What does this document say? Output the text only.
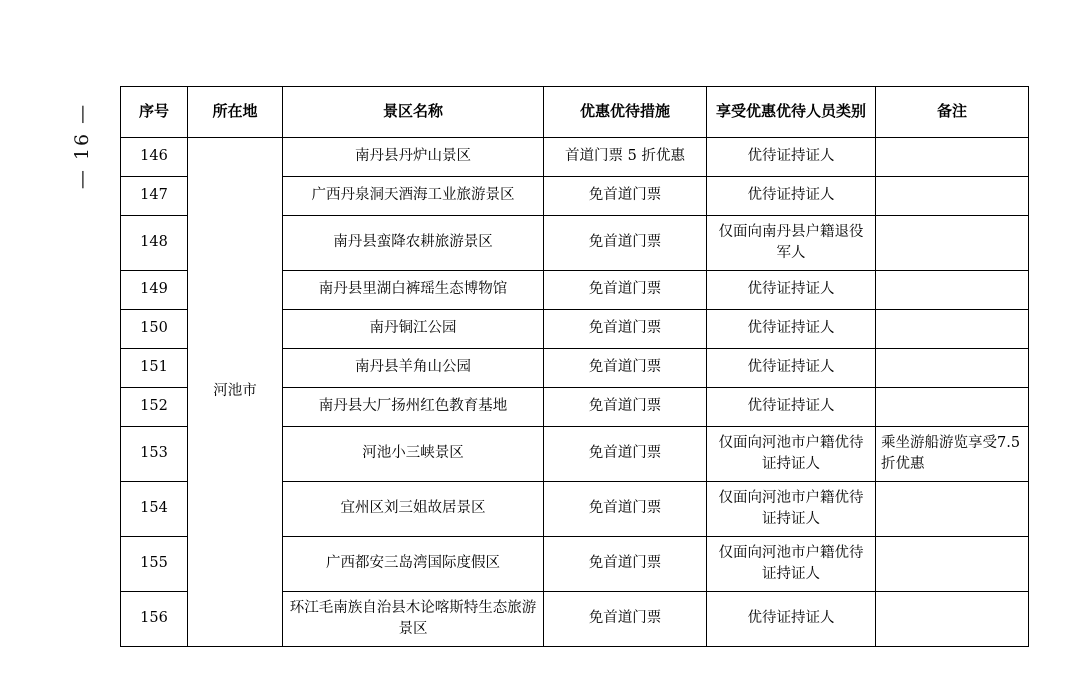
— 16 —	序号	所在地	景区名称	优惠优待措施	享受优惠优待人员类别	备注
146	河池市	南丹县丹炉山景区	首道门票 5 折优惠	优待证持证人	
147		广西丹泉洞天酒海工业旅游景区	免首道门票	优待证持证人	
148		南丹县蛮降农耕旅游景区	免首道门票	仅面向南丹县户籍退役军人	
149		南丹县里湖白裤瑶生态博物馆	免首道门票	优待证持证人	
150		南丹铜江公园	免首道门票	优待证持证人	
151		南丹县羊角山公园	免首道门票	优待证持证人	
152		南丹县大厂扬州红色教育基地	免首道门票	优待证持证人	
153		河池小三峡景区	免首道门票	仅面向河池市户籍优待证持证人	乘坐游船游览享受7.5 折优惠
154		宜州区刘三姐故居景区	免首道门票	仅面向河池市户籍优待证持证人	
155		广西都安三岛湾国际度假区	免首道门票	仅面向河池市户籍优待证持证人	
156		环江毛南族自治县木论喀斯特生态旅游景区	免首道门票	优待证持证人	
